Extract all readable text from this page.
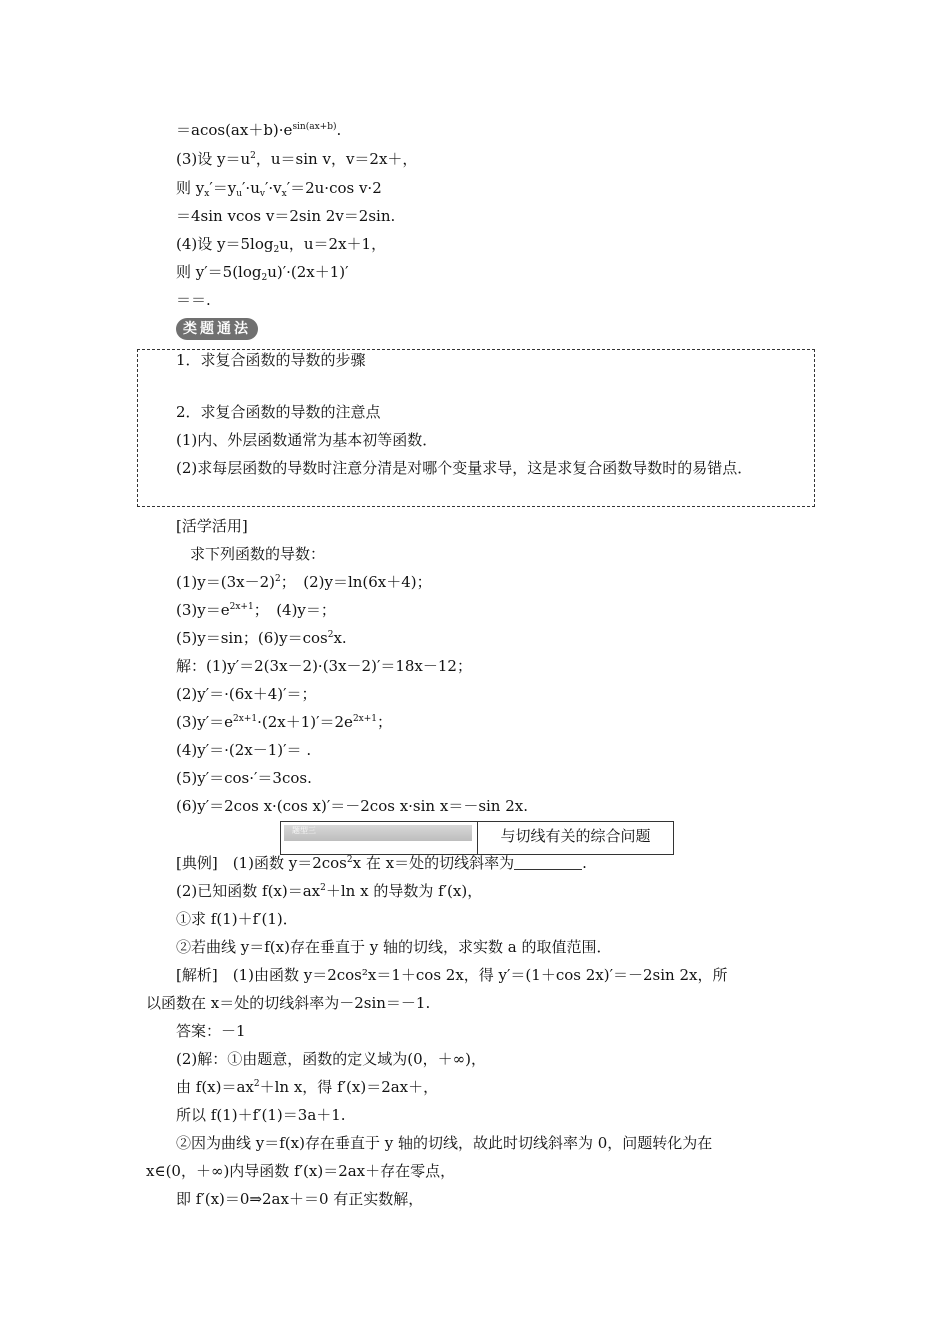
$=acos(ax+b)\cdot e^{sin(ax+b)}$.
(3)设 $y=u^2$，u＝sin v，v＝2x＋，
则 $y_x'=y_u'\cdot u_v'\cdot v_x'=2u\cdot\cos$ v·2
＝4sin vcos v＝2sin 2v＝2sin.
(4)设 $y=5\log_2u$，u＝2x＋1，
则 $y'=5(\log_2u)'\cdot(2x+1)'$
＝＝.
类题通法
1．求复合函数的导数的步骤
2．求复合函数的导数的注意点
(1)内、外层函数通常为基本初等函数．
(2)求每层函数的导数时注意分清是对哪个变量求导，这是求复合函数导数时的易错点．
[活学活用]
求下列函数的导数：
$(1)y=(3x-2)^2$；　(2)y＝ln(6x＋4)；
$(3)y=e^{2x+1}$；　(4)y＝；
(5)y＝sin；$(6)y=\cos^2x$.
解：(1)y′＝2(3x－2)·(3x－2)′＝18x－12；
(2)y′＝·(6x＋4)′＝；
$(3)y'=e^{2x+1}\cdot(2x+1)'=2e^{2x+1}$；
(4)y′＝·(2x－1)′＝ .
(5)y′＝cos·′＝3cos.
(6)y′＝2cos x·(cos x)′＝－2cos x·sin x＝－sin 2x.
题型三	与切线有关的综合问题
[典例]　(1)函数 $y=2\cos^2x$ 在 x＝处的切线斜率为	.
(2)已知函数 $f(x)=ax^2+\ln$ x 的导数为 f′(x)，
①求 f(1)＋f′(1)．
②若曲线 y＝f(x)存在垂直于 y 轴的切线，求实数 a 的取值范围．
[解析]　(1)由函数 y＝2cos²x＝1＋cos 2x，得 y′＝(1＋cos 2x)′＝－2sin 2x，所
以函数在 x＝处的切线斜率为－2sin＝－1.
答案：－1
(2)解：①由题意，函数的定义域为(0，＋∞)，
由 $f(x)=ax^2+\ln$ x，得 f′(x)＝2ax＋，
所以 f(1)＋f′(1)＝3a＋1.
②因为曲线 y＝f(x)存在垂直于 y 轴的切线，故此时切线斜率为 0，问题转化为在
x∈(0，＋∞)内导函数 f′(x)＝2ax＋存在零点，
即 f′(x)＝0⇒2ax＋＝0 有正实数解，
